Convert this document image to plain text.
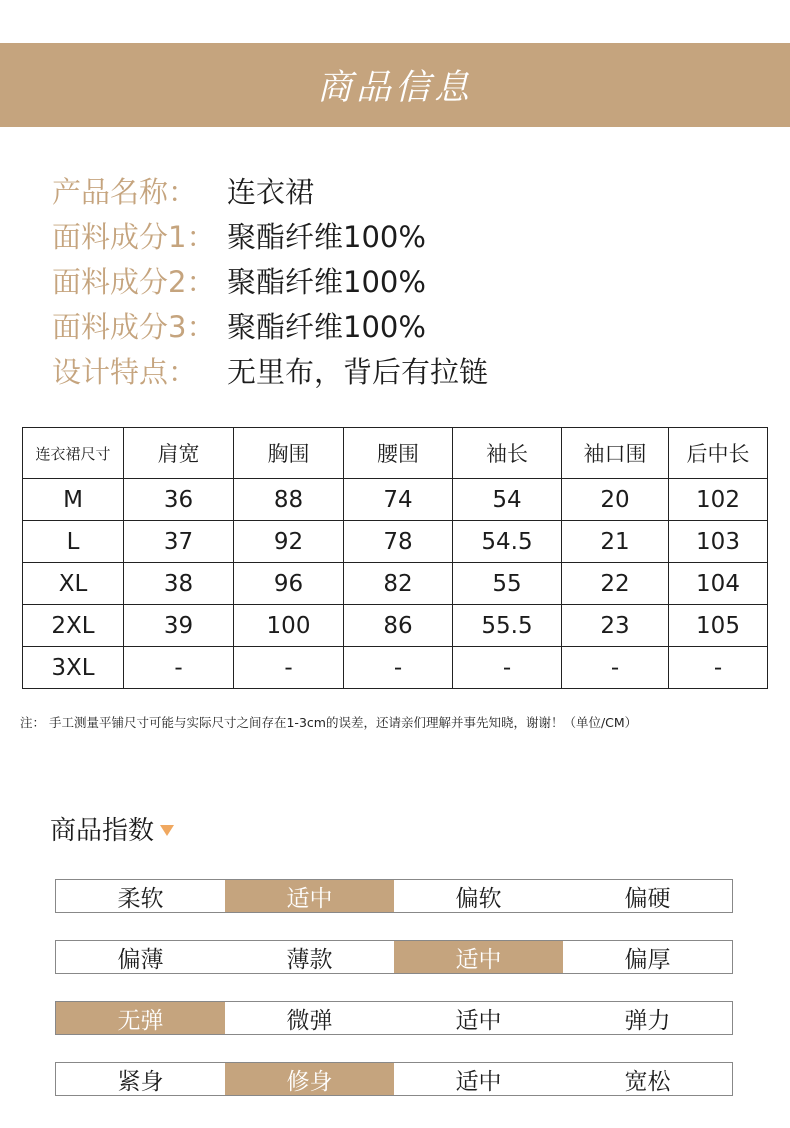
商品信息
产品名称：	连衣裙
面料成分1： 聚酯纤维100%
面料成分2： 聚酯纤维100%
面料成分3： 聚酯纤维100%
设计特点：	无里布，背后有拉链
连衣裙尺寸	肩宽	胸围	腰围	袖长	袖口围	后中长
M	36	88	74	54	20	102
L	37	92	78	54.5	21	103
XL	38	96	82	55	22	104
2XL	39	100	86	55.5	23	105
3XL	-	-	-	-	-	-
注： 手工测量平铺尺寸可能与实际尺寸之间存在1-3cm的误差，还请亲们理解并事先知晓，谢谢！（单位/CM）
商品指数
柔软	适中	偏软	偏硬
偏薄	薄款	适中	偏厚
无弹	微弹	适中	弹力
紧身	修身	适中	宽松
